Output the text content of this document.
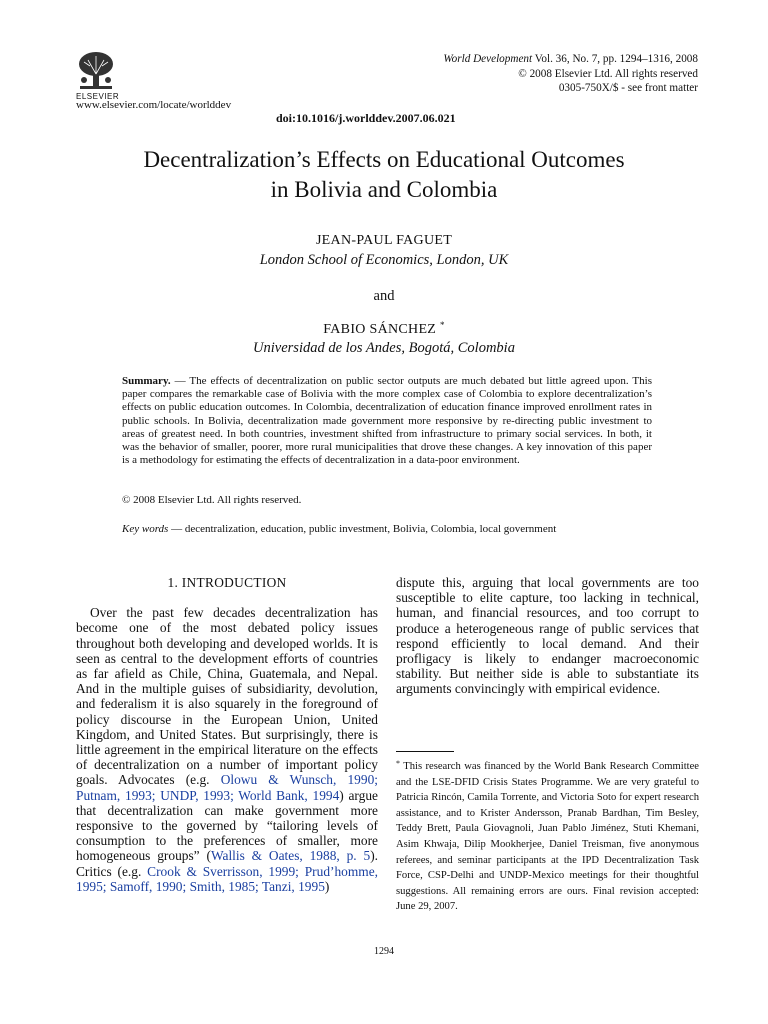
ELSEVIER
www.elsevier.com/locate/worlddev
World Development Vol. 36, No. 7, pp. 1294–1316, 2008
© 2008 Elsevier Ltd. All rights reserved
0305-750X/$ - see front matter
doi:10.1016/j.worlddev.2007.06.021
Decentralization’s Effects on Educational Outcomes
in Bolivia and Colombia
JEAN-PAUL FAGUET
London School of Economics, London, UK
and
FABIO SÁNCHEZ *
Universidad de los Andes, Bogotá, Colombia
Summary. — The effects of decentralization on public sector outputs are much debated but little agreed upon. This paper compares the remarkable case of Bolivia with the more complex case of Colombia to explore decentralization’s effects on public education outcomes. In Colombia, decentralization of education finance improved enrollment rates in public schools. In Bolivia, decentralization made government more responsive by re-directing public investment to areas of greatest need. In both countries, investment shifted from infrastructure to primary social services. In both, it was the behavior of smaller, poorer, more rural municipalities that drove these changes. A key innovation of this paper is a methodology for estimating the effects of decentralization in a data-poor environment.
© 2008 Elsevier Ltd. All rights reserved.
Key words — decentralization, education, public investment, Bolivia, Colombia, local government
1. INTRODUCTION

Over the past few decades decentralization has become one of the most debated policy issues throughout both developing and developed worlds. It is seen as central to the development efforts of countries as far afield as Chile, China, Guatemala, and Nepal. And in the multiple guises of subsidiarity, devolution, and federalism it is also squarely in the foreground of policy discourse in the European Union, United Kingdom, and United States. But surprisingly, there is little agreement in the empirical literature on the effects of decentralization on a number of important policy goals. Advocates (e.g. Olowu & Wunsch, 1990; Putnam, 1993; UNDP, 1993; World Bank, 1994) argue that decentralization can make government more responsive to the governed by “tailoring levels of consumption to the preferences of smaller, more homogeneous groups” (Wallis & Oates, 1988, p. 5). Critics (e.g. Crook & Sverrisson, 1999; Prud’homme, 1995; Samoff, 1990; Smith, 1985; Tanzi, 1995)

dispute this, arguing that local governments are too susceptible to elite capture, too lacking in technical, human, and financial resources, and too corrupt to produce a heterogeneous range of public services that respond efficiently to local demand. And their profligacy is likely to endanger macroeconomic stability. But neither side is able to substantiate its arguments convincingly with empirical evidence.

* This research was financed by the World Bank Research Committee and the LSE-DFID Crisis States Programme. We are very grateful to Patricia Rincón, Camila Torrente, and Victoria Soto for expert research assistance, and to Krister Andersson, Pranab Bardhan, Tim Besley, Teddy Brett, Paula Giovagnoli, Juan Pablo Jiménez, Stuti Khemani, Asim Khwaja, Dilip Mookherjee, Daniel Treisman, five anonymous referees, and seminar participants at the IPD Decentralization Task Force, CSP-Delhi and UNDP-Mexico meetings for their thoughtful suggestions. All remaining errors are ours. Final revision accepted: June 29, 2007.
1294
